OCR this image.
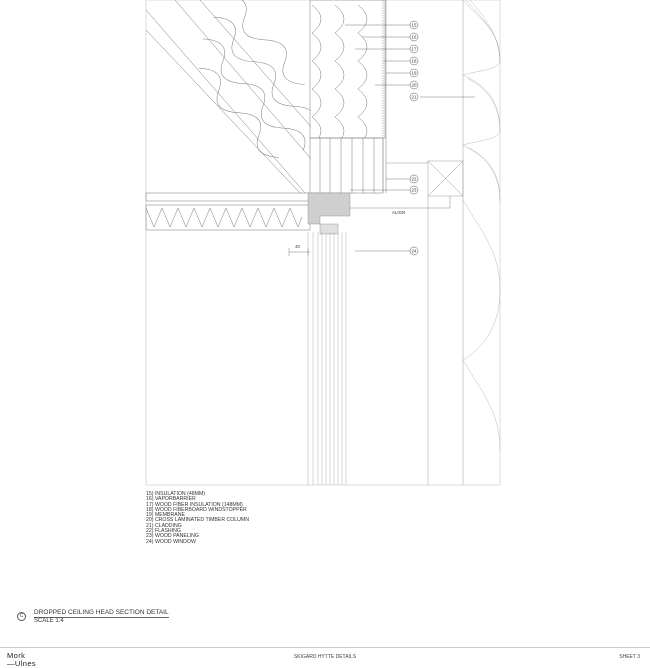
40
ALIGN
15
16
17
18
19
20
21
22
23
24
15) INSULATION (48MM)
16) VAPORBARRIER
17) WOOD FIBER INSULATION (148MM)
18) WOOD FIBERBOARD WINDSTOPPER
19) MEMBRANE
20) CROSS LAMINATED TIMBER COLUMN
21) CLADDING
22) FLASHING
23) WOOD PANELING
24) WOOD WINDOW
C	DROPPED CEILING HEAD SECTION DETAIL
SCALE 1:4
Mork
—Ulnes
SKIGARD HYTTE DETAILS	SHEET 3
